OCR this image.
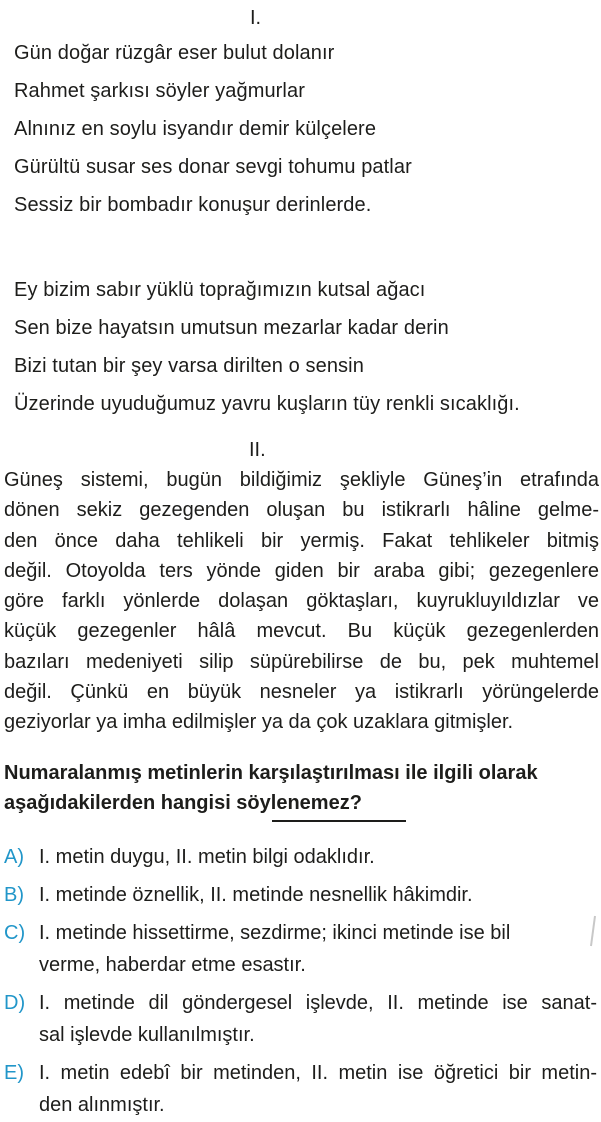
I.
Gün doğar rüzgâr eser bulut dolanır
Rahmet şarkısı söyler yağmurlar
Alnınız en soylu isyandır demir külçelere
Gürültü susar ses donar sevgi tohumu patlar
Sessiz bir bombadır konuşur derinlerde.
Ey bizim sabır yüklü toprağımızın kutsal ağacı
Sen bize hayatsın umutsun mezarlar kadar derin
Bizi tutan bir şey varsa dirilten o sensin
Üzerinde uyuduğumuz yavru kuşların tüy renkli sıcaklığı.
II.
Güneş sistemi, bugün bildiğimiz şekliyle Güneş’in etrafında
dönen sekiz gezegenden oluşan bu istikrarlı hâline gelme-
den önce daha tehlikeli bir yermiş. Fakat tehlikeler bitmiş
değil. Otoyolda ters yönde giden bir araba gibi; gezegenlere
göre farklı yönlerde dolaşan göktaşları, kuyrukluyıldızlar ve
küçük gezegenler hâlâ mevcut. Bu küçük gezegenlerden
bazıları medeniyeti silip süpürebilirse de bu, pek muhtemel
değil. Çünkü en büyük nesneler ya istikrarlı yörüngelerde
geziyorlar ya imha edilmişler ya da çok uzaklara gitmişler.
Numaralanmış metinlerin karşılaştırılması ile ilgili olarak
aşağıdakilerden hangisi söylenemez?
A) I. metin duygu, II. metin bilgi odaklıdır.
B) I. metinde öznellik, II. metinde nesnellik hâkimdir.
C) I. metinde hissettirme, sezdirme; ikinci metinde ise bil
verme, haberdar etme esastır.
D) I. metinde dil göndergesel işlevde, II. metinde ise sanat-
sal işlevde kullanılmıştır.
E) I. metin edebî bir metinden, II. metin ise öğretici bir metin-
den alınmıştır.
